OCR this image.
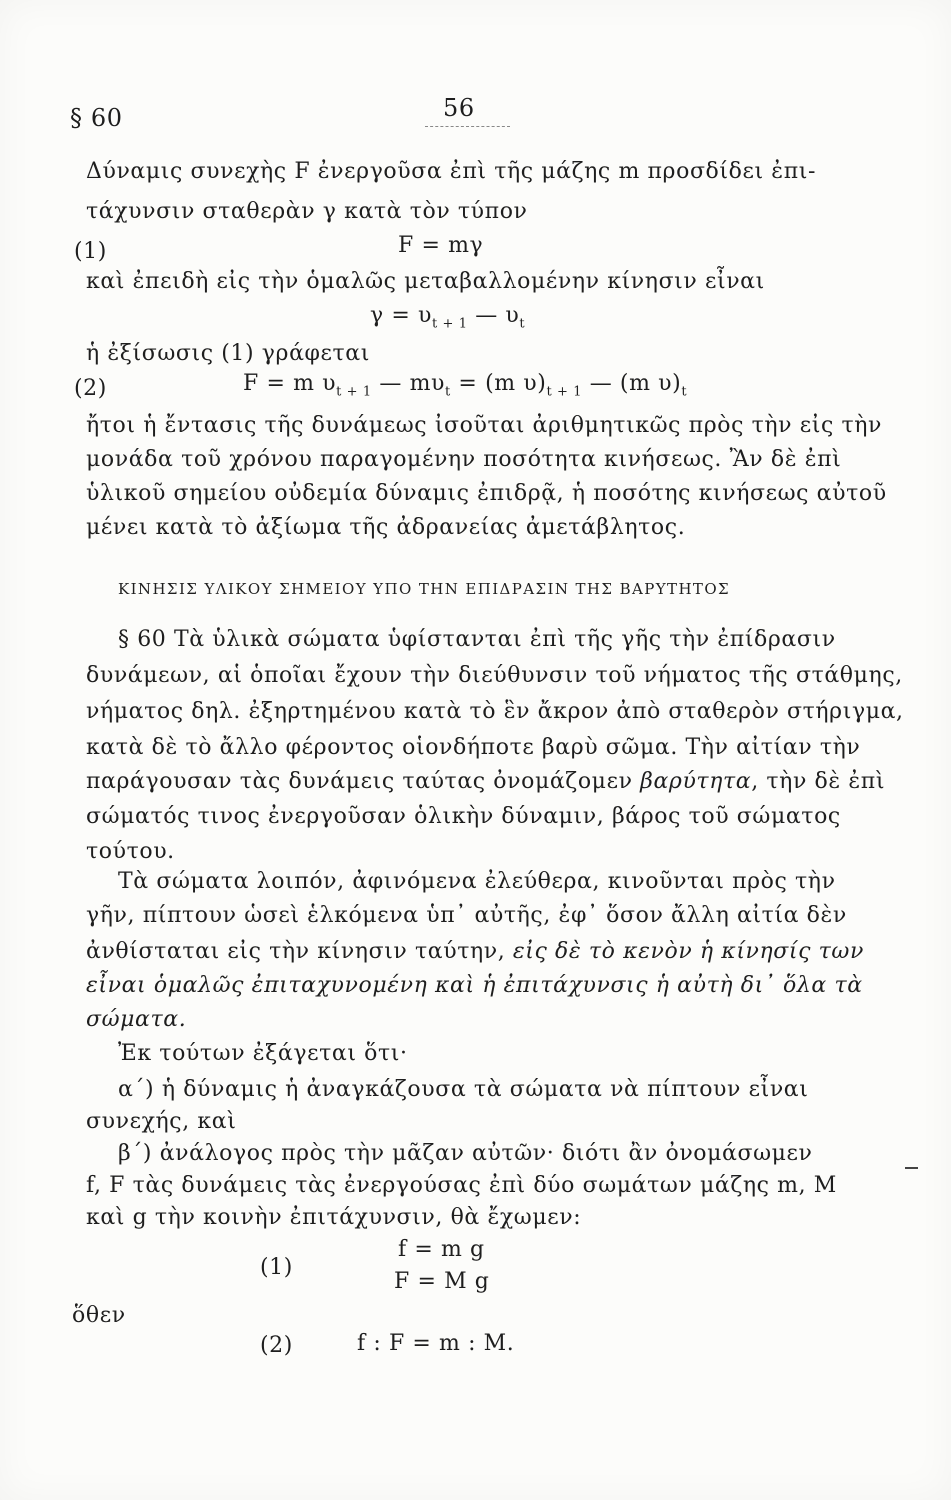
§ 60	56
Δύναμις συνεχὴς F ἐνεργοῦσα ἐπὶ τῆς μάζης m προσδίδει ἐπι-
τάχυνσιν σταθερὰν γ κατὰ τὸν τύπον
(1)	F = mγ
καὶ ἐπειδὴ εἰς τὴν ὁμαλῶς μεταβαλλομένην κίνησιν εἶναι
$\gamma = \upsilon_{t + 1}$ — $\upsilon_t$
ἡ ἐξίσωσις (1) γράφεται
(2)	F = m $\upsilon_{t + 1}$ — $m\upsilon_t = (m$ $\upsilon)_{t + 1}$ — (m $\upsilon)_t$
ἤτοι ἡ ἔντασις τῆς δυνάμεως ἰσοῦται ἀριθμητικῶς πρὸς τὴν εἰς τὴν
μονάδα τοῦ χρόνου παραγομένην ποσότητα κινήσεως. Ἂν δὲ ἐπὶ
ὑλικοῦ σημείου οὐδεμία δύναμις ἐπιδρᾷ, ἡ ποσότης κινήσεως αὐτοῦ
μένει κατὰ τὸ ἀξίωμα τῆς ἀδρανείας ἀμετάβλητος.
ΚΙΝΗΣΙΣ ΥΛΙΚΟΥ ΣΗΜΕΙΟΥ ΥΠΟ ΤΗΝ ΕΠΙΔΡΑΣΙΝ ΤΗΣ ΒΑΡΥΤΗΤΟΣ
§ 60 Τὰ ὑλικὰ σώματα ὑφίστανται ἐπὶ τῆς γῆς τὴν ἐπίδρασιν
δυνάμεων, αἱ ὁποῖαι ἔχουν τὴν διεύθυνσιν τοῦ νήματος τῆς στάθμης,
νήματος δηλ. ἐξηρτημένου κατὰ τὸ ἓν ἄκρον ἀπὸ σταθερὸν στήριγμα,
κατὰ δὲ τὸ ἄλλο φέροντος οἱονδήποτε βαρὺ σῶμα. Τὴν αἰτίαν τὴν
παράγουσαν τὰς δυνάμεις ταύτας ὀνομάζομεν βαρύτητα, τὴν δὲ ἐπὶ
σώματός τινος ἐνεργοῦσαν ὁλικὴν δύναμιν, βάρος τοῦ σώματος
τούτου.
Τὰ σώματα λοιπόν, ἀφινόμενα ἐλεύθερα, κινοῦνται πρὸς τὴν
γῆν, πίπτουν ὡσεὶ ἑλκόμενα ὑπ᾽ αὐτῆς, ἐφ᾽ ὅσον ἄλλη αἰτία δὲν
ἀνθίσταται εἰς τὴν κίνησιν ταύτην, εἰς δὲ τὸ κενὸν ἡ κίνησίς των
εἶναι ὁμαλῶς ἐπιταχυνομένη καὶ ἡ ἐπιτάχυνσις ἡ αὐτὴ δι᾽ ὅλα τὰ
σώματα.
Ἐκ τούτων ἐξάγεται ὅτι·
α΄) ἡ δύναμις ἡ ἀναγκάζουσα τὰ σώματα νὰ πίπτουν εἶναι
συνεχής, καὶ
β΄) ἀνάλογος πρὸς τὴν μᾶζαν αὐτῶν· διότι ἂν ὀνομάσωμεν
f, F τὰς δυνάμεις τὰς ἐνεργούσας ἐπὶ δύο σωμάτων μάζης m, M
καὶ g τὴν κοινὴν ἐπιτάχυνσιν, θὰ ἔχωμεν:
f = m g
(1)
F = M g
ὅθεν
(2)	f : F = m : M.
